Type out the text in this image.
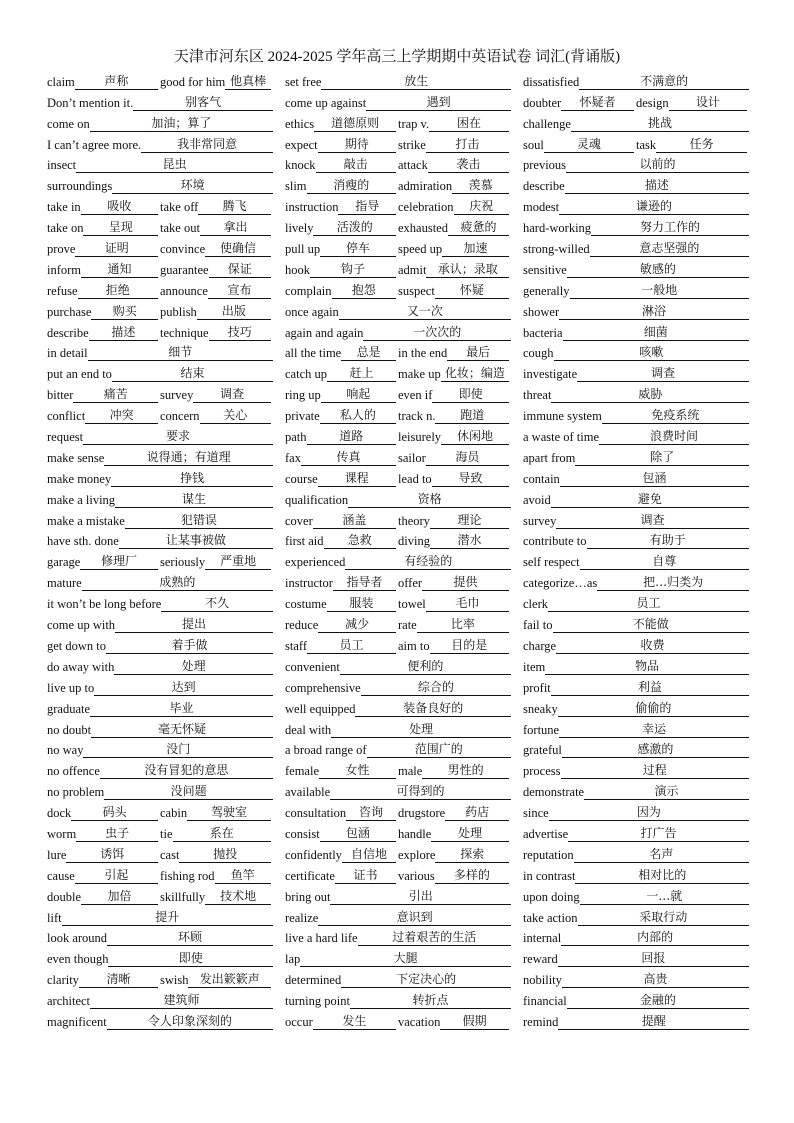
天津市河东区 2024-2025 学年高三上学期期中英语试卷 词汇(背诵版)
claim	声称	good for him 他真棒
Don’t mention it.	别客气
come on	加油；算了
I can’t agree more.	我非常同意
insect	昆虫
surroundings	环境
take in	吸收	take off	腾飞
take on	呈现	take out	拿出
prove	证明	convince	使确信
inform	通知	guarantee	保证
refuse	拒绝	announce	宣布
purchase	购买	publish	出版
describe	描述	technique	技巧
in detail	细节
put an end to	结束
bitter	痛苦	survey	调查
conflict	冲突	concern	关心
request	要求
make sense	说得通；有道理
make money	挣钱
make a living	谋生
make a mistake	犯错误
have sth. done	让某事被做
garage	修理厂	seriously	严重地
mature	成熟的
it won’t be long before	不久
come up with	提出
get down to	着手做
do away with	处理
live up to	达到
graduate	毕业
no doubt	毫无怀疑
no way	没门
no offence	没有冒犯的意思
no problem	没问题
dock	码头	cabin	驾驶室
worm	虫子	tie	系在
lure	诱饵	cast	抛投
cause	引起	fishing rod	鱼竿
double	加倍	skillfully	技术地
lift	提升
look around	环顾
even though	即使
clarity	清晰	swish 发出簌簌声
architect	建筑师
magnificent	令人印象深刻的
set free	放生
come up against	遇到
ethics	道德原则	trap v.	困在
expect	期待	strike	打击
knock	敲击	attack	袭击
slim	消瘦的	admiration	羡慕
instruction	指导	celebration	庆祝
lively	活泼的	exhausted	疲惫的
pull up	停车	speed up	加速
hook	钩子	admit 承认；录取
complain	抱怨	suspect	怀疑
once again	又一次
again and again	一次次的
all the time	总是	in the end	最后
catch up	赶上	make up 化妆；编造
ring up	响起	even if	即使
private	私人的	track n.	跑道
path	道路	leisurely	休闲地
fax	传真	sailor	海员
course	课程	lead to	导致
qualification	资格
cover	涵盖	theory	理论
first aid	急救	diving	潜水
experienced	有经验的
instructor	指导者	offer	提供
costume	服装	towel	毛巾
reduce	减少	rate	比率
staff	员工	aim to	目的是
convenient	便利的
comprehensive	综合的
well equipped	装备良好的
deal with	处理
a broad range of	范围广的
female	女性	male	男性的
available	可得到的
consultation	咨询	drugstore	药店
consist	包涵	handle	处理
confidently 自信地 explore	探索
certificate	证书	various	多样的
bring out	引出
realize	意识到
live a hard life	过着艰苦的生活
lap	大腿
determined	下定决心的
turning point	转折点
occur	发生	vacation	假期
dissatisfied	不满意的
doubter	怀疑者	design	设计
challenge	挑战
soul	灵魂	task	任务
previous	以前的
describe	描述
modest	谦逊的
hard-working	努力工作的
strong-willed	意志坚强的
sensitive	敏感的
generally	一般地
shower	淋浴
bacteria	细菌
cough	咳嗽
investigate	调查
threat	威胁
immune system	免疫系统
a waste of time	浪费时间
apart from	除了
contain	包涵
avoid	避免
survey	调查
contribute to	有助于
self respect	自尊
categorize…as	把…归类为
clerk	员工
fail to	不能做
charge	收费
item	物品
profit	利益
sneaky	偷偷的
fortune	幸运
grateful	感激的
process	过程
demonstrate	演示
since	因为
advertise	打广告
reputation	名声
in contrast	相对比的
upon doing	一…就
take action	采取行动
internal	内部的
reward	回报
nobility	高贵
financial	金融的
remind	提醒
